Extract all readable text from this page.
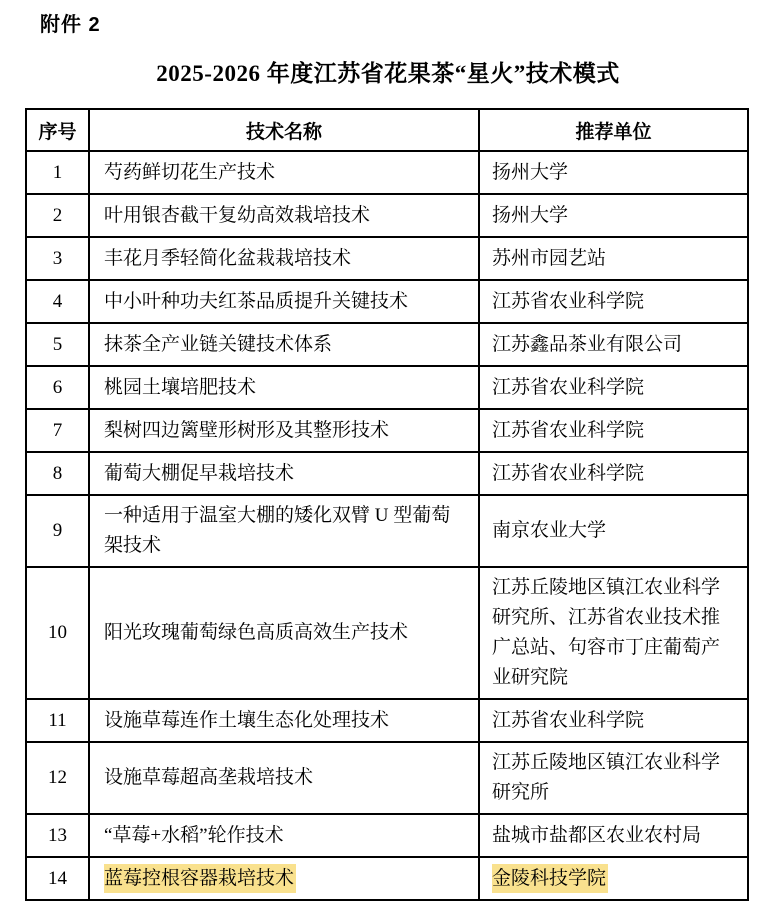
附件 2
2025-2026 年度江苏省花果茶“星火”技术模式
序号	技术名称	推荐单位
1	芍药鲜切花生产技术	扬州大学
2	叶用银杏截干复幼高效栽培技术	扬州大学
3	丰花月季轻简化盆栽栽培技术	苏州市园艺站
4	中小叶种功夫红茶品质提升关键技术	江苏省农业科学院
5	抹茶全产业链关键技术体系	江苏鑫品茶业有限公司
6	桃园土壤培肥技术	江苏省农业科学院
7	梨树四边篱壁形树形及其整形技术	江苏省农业科学院
8	葡萄大棚促早栽培技术	江苏省农业科学院
9	一种适用于温室大棚的矮化双臂 U 型葡萄架技术	南京农业大学
10	阳光玫瑰葡萄绿色高质高效生产技术	江苏丘陵地区镇江农业科学研究所、江苏省农业技术推广总站、句容市丁庄葡萄产业研究院
11	设施草莓连作土壤生态化处理技术	江苏省农业科学院
12	设施草莓超高垄栽培技术	江苏丘陵地区镇江农业科学研究所
13	“草莓+水稻”轮作技术	盐城市盐都区农业农村局
14	蓝莓控根容器栽培技术	金陵科技学院
